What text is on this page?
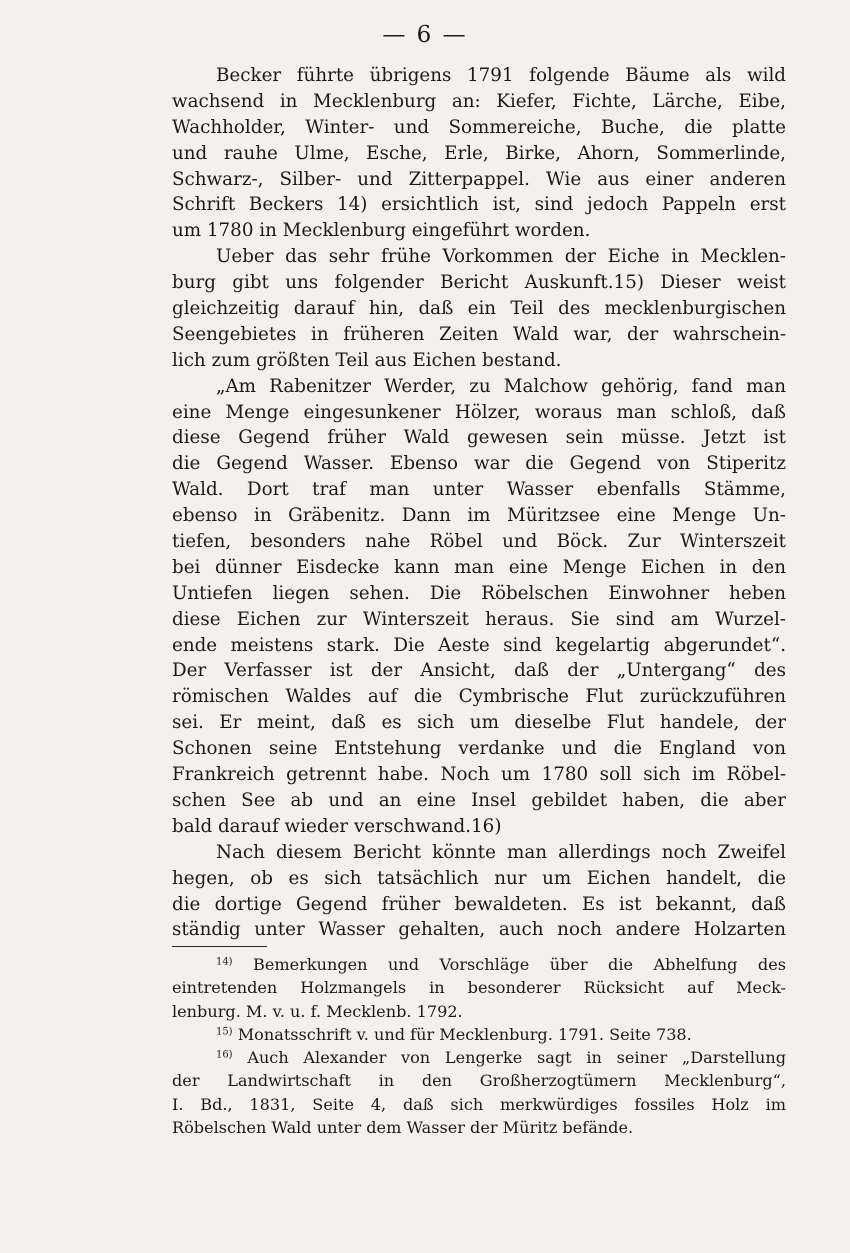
— 6 —
Becker führte übrigens 1791 folgende Bäume als wild
wachsend in Mecklenburg an: Kiefer, Fichte, Lärche, Eibe,
Wachholder, Winter- und Sommereiche, Buche, die platte
und rauhe Ulme, Esche, Erle, Birke, Ahorn, Sommerlinde,
Schwarz-, Silber- und Zitterpappel. Wie aus einer anderen
Schrift Beckers 14) ersichtlich ist, sind jedoch Pappeln erst
um 1780 in Mecklenburg eingeführt worden.
Ueber das sehr frühe Vorkommen der Eiche in Mecklen-
burg gibt uns folgender Bericht Auskunft.15) Dieser weist
gleichzeitig darauf hin, daß ein Teil des mecklenburgischen
Seengebietes in früheren Zeiten Wald war, der wahrschein-
lich zum größten Teil aus Eichen bestand.
„Am Rabenitzer Werder, zu Malchow gehörig, fand man
eine Menge eingesunkener Hölzer, woraus man schloß, daß
diese Gegend früher Wald gewesen sein müsse. Jetzt ist
die Gegend Wasser. Ebenso war die Gegend von Stiperitz
Wald. Dort traf man unter Wasser ebenfalls Stämme,
ebenso in Gräbenitz. Dann im Müritzsee eine Menge Un-
tiefen, besonders nahe Röbel und Böck. Zur Winterszeit
bei dünner Eisdecke kann man eine Menge Eichen in den
Untiefen liegen sehen. Die Röbelschen Einwohner heben
diese Eichen zur Winterszeit heraus. Sie sind am Wurzel-
ende meistens stark. Die Aeste sind kegelartig abgerundet“.
Der Verfasser ist der Ansicht, daß der „Untergang“ des
römischen Waldes auf die Cymbrische Flut zurückzuführen
sei. Er meint, daß es sich um dieselbe Flut handele, der
Schonen seine Entstehung verdanke und die England von
Frankreich getrennt habe. Noch um 1780 soll sich im Röbel-
schen See ab und an eine Insel gebildet haben, die aber
bald darauf wieder verschwand.16)
Nach diesem Bericht könnte man allerdings noch Zweifel
hegen, ob es sich tatsächlich nur um Eichen handelt, die
die dortige Gegend früher bewaldeten. Es ist bekannt, daß
ständig unter Wasser gehalten, auch noch andere Holzarten
$^{14)}$ Bemerkungen und Vorschläge über die Abhelfung des
eintretenden Holzmangels in besonderer Rücksicht auf Meck-
lenburg. M. v. u. f. Mecklenb. 1792.
$^{15)}$ Monatsschrift v. und für Mecklenburg. 1791. Seite 738.
$^{16)}$ Auch Alexander von Lengerke sagt in seiner „Darstellung
der Landwirtschaft in den Großherzogtümern Mecklenburg“,
I. Bd., 1831, Seite 4, daß sich merkwürdiges fossiles Holz im
Röbelschen Wald unter dem Wasser der Müritz befände.
